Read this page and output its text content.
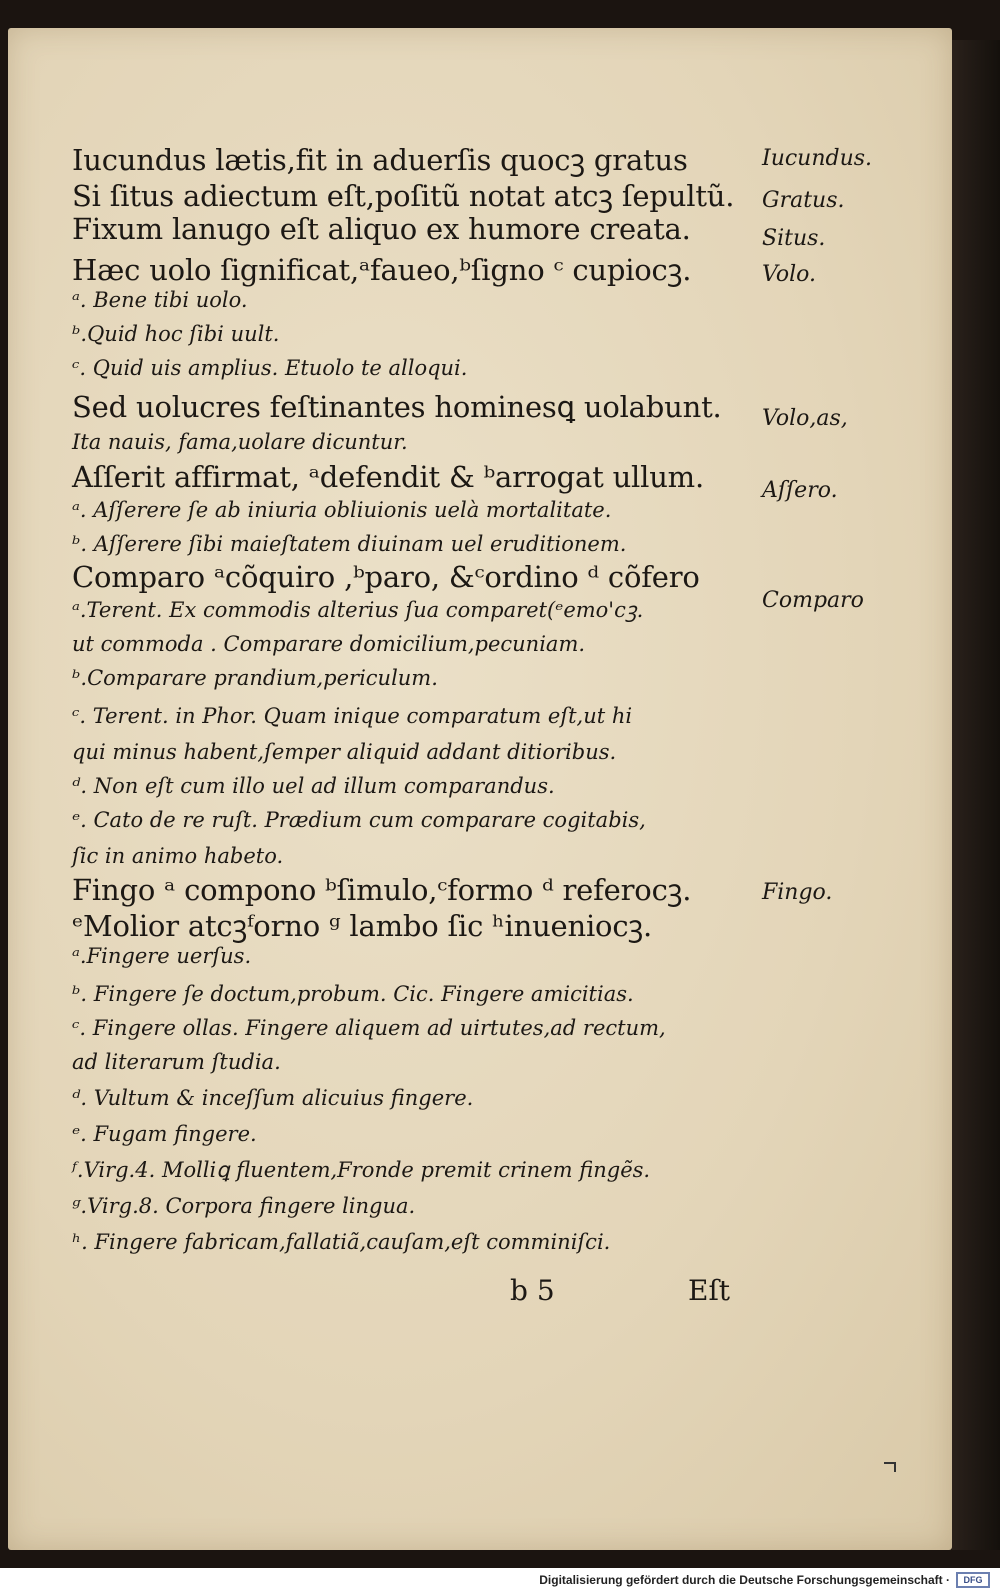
Iucundus lætis,fit in aduerſis quocꝫ gratus
Si ſitus adiectum eſt,poſitũ notat atcꝫ ſepultũ.
Fixum lanugo eſt aliquo ex humore creata.
Hæc uolo ſignificat,ᵃfaueo,ᵇſigno ᶜ cupiocꝫ.
ᵃ. Bene tibi uolo.
ᵇ.Quid hoc ſibi uult.
ᶜ. Quid uis amplius. Etuolo te alloqui.
Sed uolucres feſtinantes hominesꝗ uolabunt.
Ita nauis, fama,uolare dicuntur.
Aſſerit affirmat, ᵃdefendit & ᵇarrogat ullum.
ᵃ. Aſſerere ſe ab iniuria obliuionis uelà mortalitate.
ᵇ. Aſſerere ſibi maieſtatem diuinam uel eruditionem.
Comparo ᵃcõquiro ,ᵇparo, &ᶜordino ᵈ cõfero
ᵃ.Terent. Ex commodis alterius ſua comparet(ᵉemo'cꝫ.
ut commoda . Comparare domicilium,pecuniam.
ᵇ.Comparare prandium,periculum.
ᶜ. Terent. in Phor. Quam inique comparatum eſt,ut hi
qui minus habent,ſemper aliquid addant ditioribus.
ᵈ. Non eſt cum illo uel ad illum comparandus.
ᵉ. Cato de re ruſt. Prædium cum comparare cogitabis,
ſic in animo habeto.
Fingo ᵃ compono ᵇſimulo,ᶜformo ᵈ referocꝫ.
ᵉMolior atcꝫᶠorno ᵍ lambo ſic ʰinueniocꝫ.
ᵃ.Fingere uerſus.
ᵇ. Fingere ſe doctum,probum. Cic. Fingere amicitias.
ᶜ. Fingere ollas. Fingere aliquem ad uirtutes,ad rectum,
ad literarum ſtudia.
ᵈ. Vultum & inceſſum alicuius fingere.
ᵉ. Fugam fingere.
ᶠ.Virg.4. Molliꝗ fluentem,Fronde premit crinem fingẽs.
ᵍ.Virg.8. Corpora fingere lingua.
ʰ. Fingere fabricam,fallatiã,cauſam,eſt comminiſci.
Iucundus.
Gratus.
Situs.
Volo.
Volo,as,
Aſſero.
Comparo
Fingo.
b 5	Eſt
Digitalisierung gefördert durch die Deutsche Forschungsgemeinschaft ·	DFG
